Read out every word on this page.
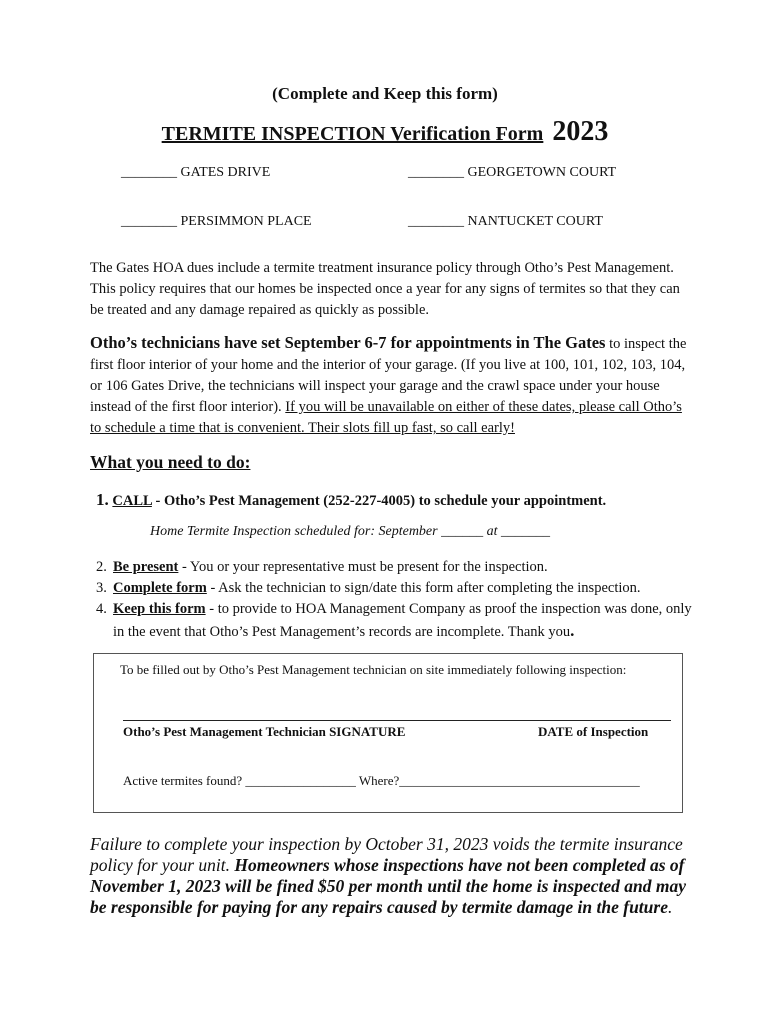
(Complete and Keep this form)
TERMITE INSPECTION Verification Form 2023
________ GATES DRIVE	________ GEORGETOWN COURT
________ PERSIMMON PLACE	________ NANTUCKET COURT
The Gates HOA dues include a termite treatment insurance policy through Otho’s Pest Management. This policy requires that our homes be inspected once a year for any signs of termites so that they can be treated and any damage repaired as quickly as possible.
Otho’s technicians have set September 6-7 for appointments in The Gates to inspect the first floor interior of your home and the interior of your garage. (If you live at 100, 101, 102, 103, 104, or 106 Gates Drive, the technicians will inspect your garage and the crawl space under your house instead of the first floor interior). If you will be unavailable on either of these dates, please call Otho’s to schedule a time that is convenient. Their slots fill up fast, so call early!
What you need to do:
1. CALL - Otho’s Pest Management (252-227-4005) to schedule your appointment.
Home Termite Inspection scheduled for: September ______ at _______
2. Be present - You or your representative must be present for the inspection.
3. Complete form - Ask the technician to sign/date this form after completing the inspection.
4. Keep this form - to provide to HOA Management Company as proof the inspection was done, only in the event that Otho’s Pest Management’s records are incomplete. Thank you.
To be filled out by Otho’s Pest Management technician on site immediately following inspection:
Otho’s Pest Management Technician SIGNATURE	DATE of Inspection
Active termites found? _________________ Where?_____________________________________
Failure to complete your inspection by October 31, 2023 voids the termite insurance policy for your unit. Homeowners whose inspections have not been completed as of November 1, 2023 will be fined $50 per month until the home is inspected and may be responsible for paying for any repairs caused by termite damage in the future.
